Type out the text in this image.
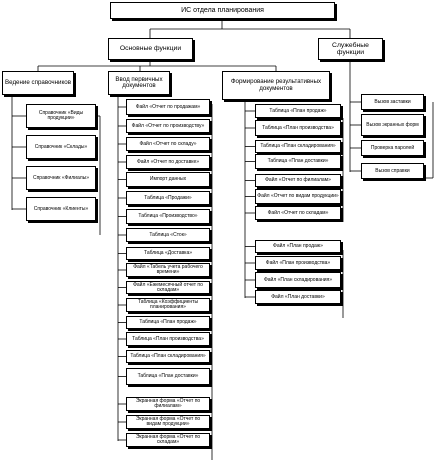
ИС отдела планирования
Основные функции
Служебные функции
Ведение справочников	Ввод первичных документов
Формирование результативных документов
Справочник «Виды продукции»
Справочник «Склады»
Справочник «Филиалы»
Справочник «Клиенты»
Файл «Отчет по продажам»
Файл «Отчет по производству»
Файл «Отчет по складу»
Файл «Отчет по доставке»
Импорт данных
Таблица «Продажи»
Таблица «Производство»
Таблица «Сток»
Таблица «Доставка»
Файл «Табель учета рабочего времени»
Файл «Ежемесячный отчет по складам»
Таблица «Коэффициенты планирования»
Таблица «План продаж»
Таблица «План производства»
Таблица «План складирования»
Таблица «План доставки»
Экранная форма «Отчет по филиалам»
Экранная форма «Отчет по видам продукции»
Экранная форма «Отчет по складам»
Таблица «План продаж»
Таблица «План производства»
Таблица «План складирования»
Таблица «План доставки»
Файл «Отчет по филиалам»
Файл «Отчет по видам продукции»
Файл «Отчет по складам»
Файл «План продаж»
Файл «План производства»
Файл «План складирования»
Файл «План доставки»
Вызов заставки
Вызов экранных форм
Проверка паролей
Вызов справки
